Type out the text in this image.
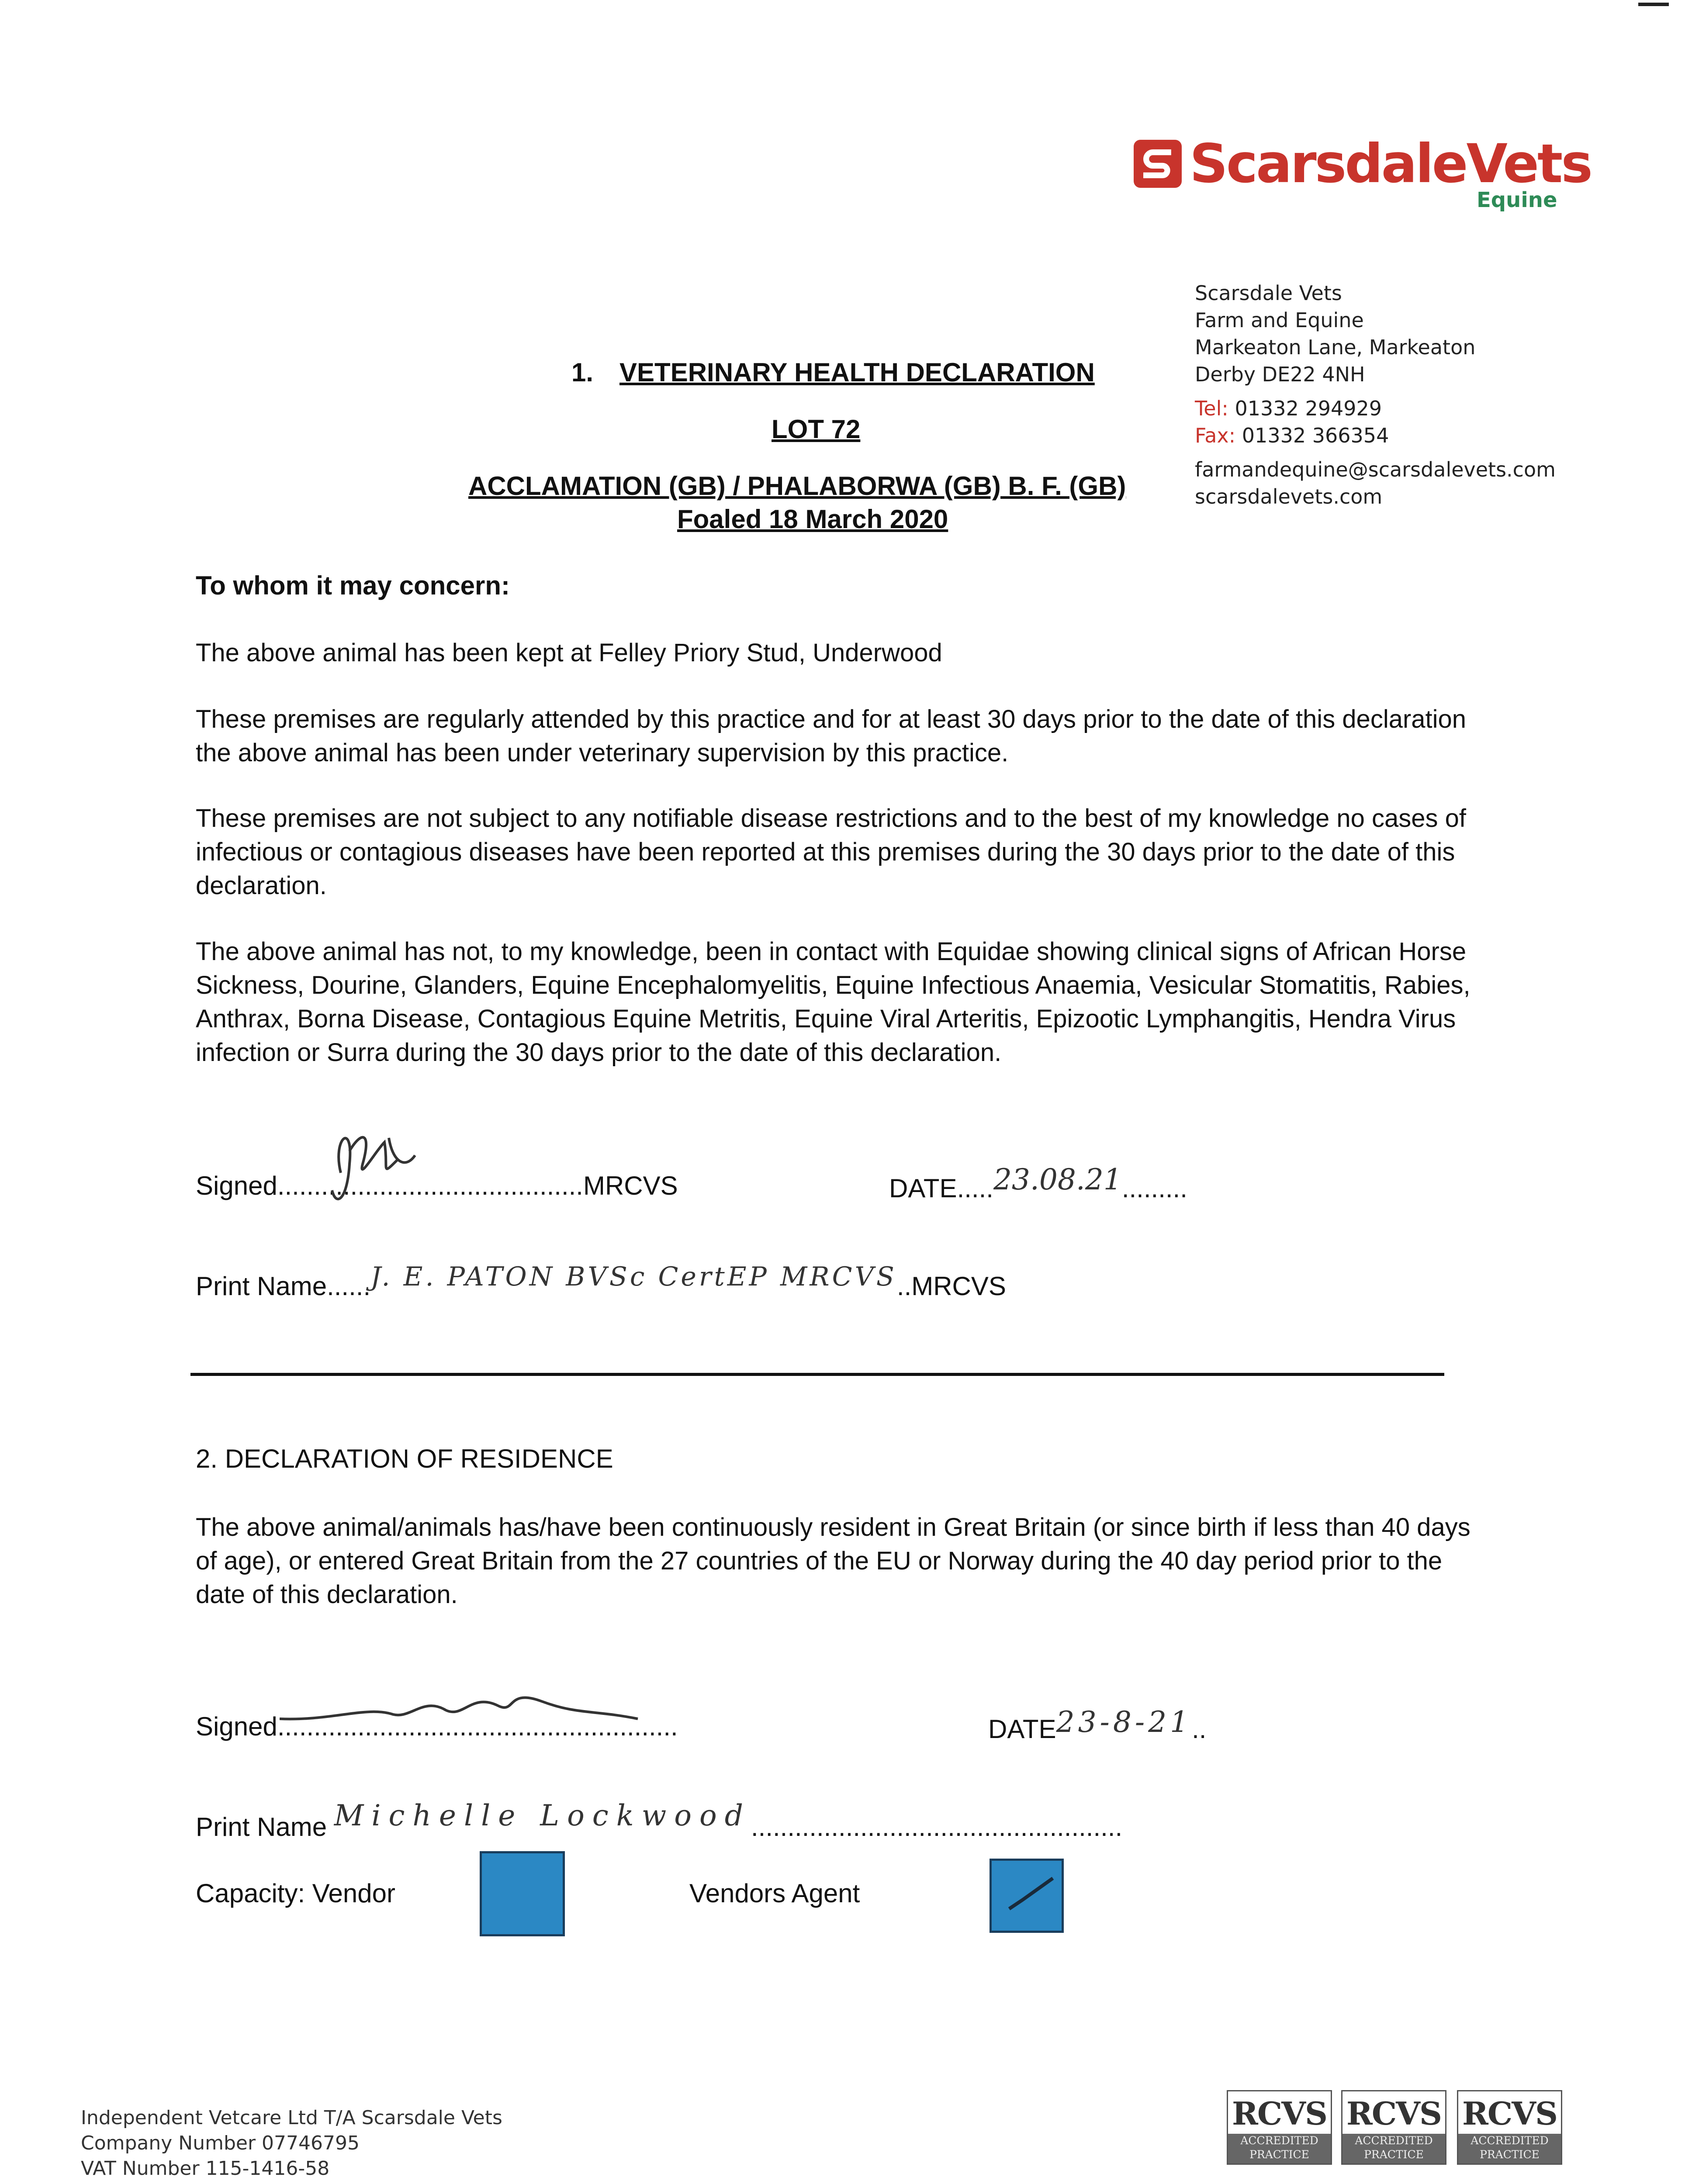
ScarsdaleVets
Equine
Scarsdale Vets
Farm and Equine
Markeaton Lane, Markeaton
Derby DE22 4NH
Tel: 01332 294929
Fax: 01332 366354
farmandequine@scarsdalevets.com
scarsdalevets.com
1. VETERINARY HEALTH DECLARATION
LOT 72
ACCLAMATION (GB) / PHALABORWA (GB) B. F. (GB)
Foaled 18 March 2020
To whom it may concern:
The above animal has been kept at Felley Priory Stud, Underwood
These premises are regularly attended by this practice and for at least 30 days prior to the date of this declaration the above animal has been under veterinary supervision by this practice.
These premises are not subject to any notifiable disease restrictions and to the best of my knowledge no cases of infectious or contagious diseases have been reported at this premises during the 30 days prior to the date of this declaration.
The above animal has not, to my knowledge, been in contact with Equidae showing clinical signs of African Horse Sickness, Dourine, Glanders, Equine Encephalomyelitis, Equine Infectious Anaemia, Vesicular Stomatitis, Rabies, Anthrax, Borna Disease, Contagious Equine Metritis, Equine Viral Arteritis, Epizootic Lymphangitis, Hendra Virus infection or Surra during the 30 days prior to the date of this declaration.
Signed..........................................MRCVS	DATE.....23.08.21.........
Print Name......J. E. PATON BVSc CertEP MRCVS..MRCVS
2. DECLARATION OF RESIDENCE
The above animal/animals has/have been continuously resident in Great Britain (or since birth if less than 40 days of age), or entered Great Britain from the 27 countries of the EU or Norway during the 40 day period prior to the date of this declaration.
Signed.......................................................	DATE23-8-21..
Print Name Michelle Lockwood...................................................
Capacity: Vendor	Vendors Agent
Independent Vetcare Ltd T/A Scarsdale Vets
Company Number 07746795
VAT Number 115-1416-58
RCVS
ACCREDITED
PRACTICE
RCVS
ACCREDITED
PRACTICE
RCVS
ACCREDITED
PRACTICE
